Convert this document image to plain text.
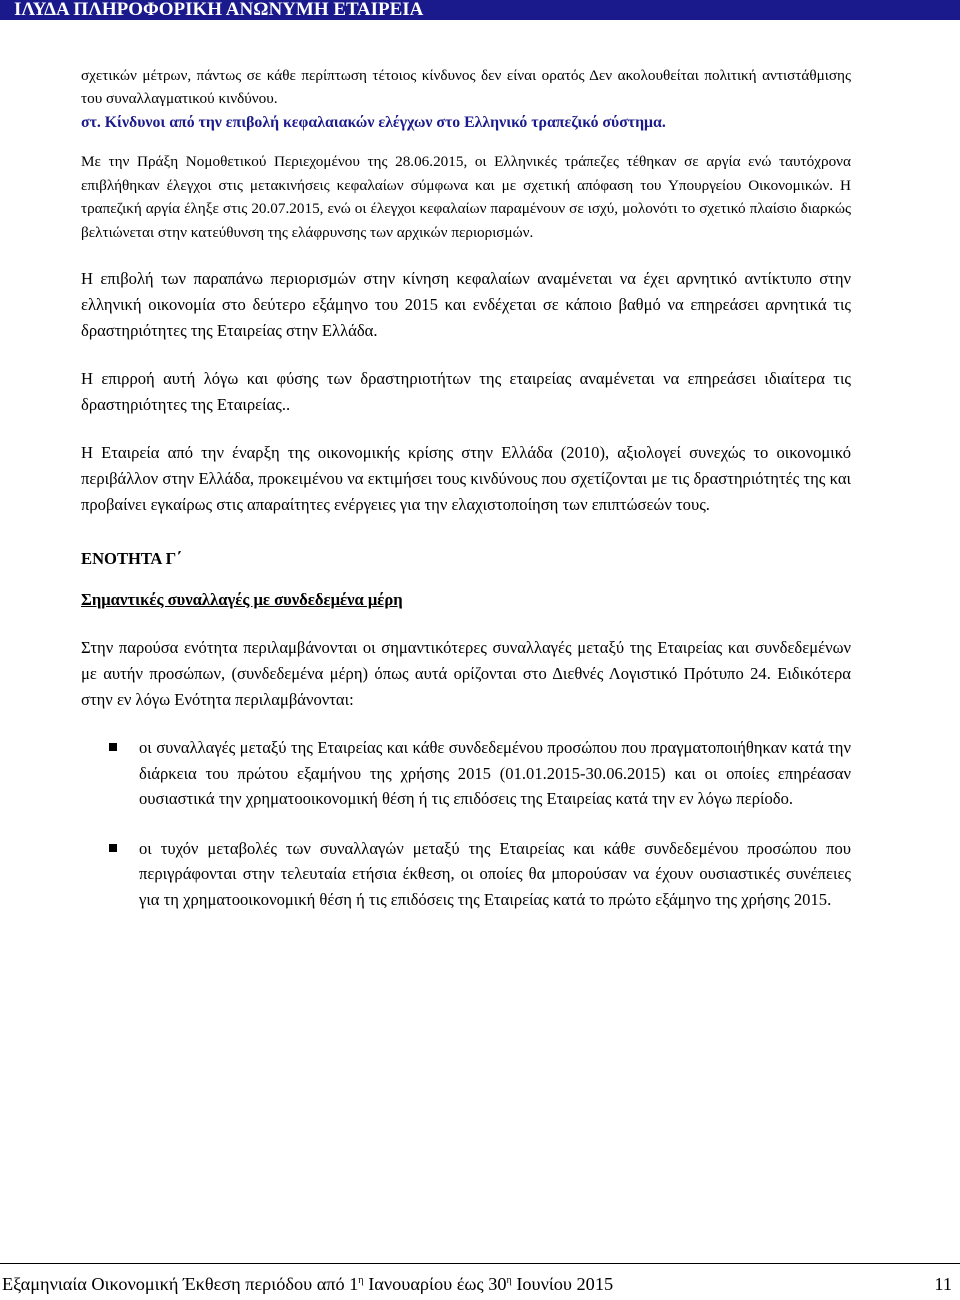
ΙΛΥΔΑ ΠΛΗΡΟΦΟΡΙΚΗ ΑΝΩΝΥΜΗ ΕΤΑΙΡΕΙΑ

σχετικών μέτρων, πάντως σε κάθε περίπτωση τέτοιος κίνδυνος δεν είναι ορατός Δεν ακολουθείται πολιτική αντιστάθμισης του συναλλαγματικού κινδύνου.

στ. Κίνδυνοι από την επιβολή κεφαλαιακών ελέγχων στο Ελληνικό τραπεζικό σύστημα.

Με την Πράξη Νομοθετικού Περιεχομένου της 28.06.2015, οι Ελληνικές τράπεζες τέθηκαν σε αργία ενώ ταυτόχρονα επιβλήθηκαν έλεγχοι στις μετακινήσεις κεφαλαίων σύμφωνα και με σχετική απόφαση του Υπουργείου Οικονομικών. Η τραπεζική αργία έληξε στις 20.07.2015, ενώ οι έλεγχοι κεφαλαίων παραμένουν σε ισχύ, μολονότι το σχετικό πλαίσιο διαρκώς βελτιώνεται στην κατεύθυνση της ελάφρυνσης των αρχικών περιορισμών.

Η επιβολή των παραπάνω περιορισμών στην κίνηση κεφαλαίων αναμένεται να έχει αρνητικό αντίκτυπο στην ελληνική οικονομία στο δεύτερο εξάμηνο του 2015 και ενδέχεται σε κάποιο βαθμό να επηρεάσει αρνητικά τις δραστηριότητες της Εταιρείας στην Ελλάδα.

Η επιρροή αυτή λόγω και φύσης των δραστηριοτήτων της εταιρείας αναμένεται να επηρεάσει ιδιαίτερα τις δραστηριότητες της Εταιρείας..

Η Εταιρεία από την έναρξη της οικονομικής κρίσης στην Ελλάδα (2010), αξιολογεί συνεχώς το οικονομικό περιβάλλον στην Ελλάδα, προκειμένου να εκτιμήσει τους κινδύνους που σχετίζονται με τις δραστηριότητές της και προβαίνει εγκαίρως στις απαραίτητες ενέργειες για την ελαχιστοποίηση των επιπτώσεών τους.

ΕΝΟΤΗΤΑ Γ΄

Σημαντικές συναλλαγές με συνδεδεμένα μέρη

Στην παρούσα ενότητα περιλαμβάνονται οι σημαντικότερες συναλλαγές μεταξύ της Εταιρείας και συνδεδεμένων με αυτήν προσώπων, (συνδεδεμένα μέρη) όπως αυτά ορίζονται στο Διεθνές Λογιστικό Πρότυπο 24. Ειδικότερα στην εν λόγω Ενότητα περιλαμβάνονται:

οι συναλλαγές μεταξύ της Εταιρείας και κάθε συνδεδεμένου προσώπου που πραγματοποιήθηκαν κατά την διάρκεια του πρώτου εξαμήνου της χρήσης 2015 (01.01.2015-30.06.2015) και οι οποίες επηρέασαν ουσιαστικά την χρηματοοικονομική θέση ή τις επιδόσεις της Εταιρείας κατά την εν λόγω περίοδο.
οι τυχόν μεταβολές των συναλλαγών μεταξύ της Εταιρείας και κάθε συνδεδεμένου προσώπου που περιγράφονται στην τελευταία ετήσια έκθεση, οι οποίες θα μπορούσαν να έχουν ουσιαστικές συνέπειες για τη χρηματοοικονομική θέση ή τις επιδόσεις της Εταιρείας κατά το πρώτο εξάμηνο της χρήσης 2015.
Εξαμηνιαία Οικονομική Έκθεση περιόδου από $1^\eta$ Ιανουαρίου έως $30^\eta$ Ιουνίου 2015	11
